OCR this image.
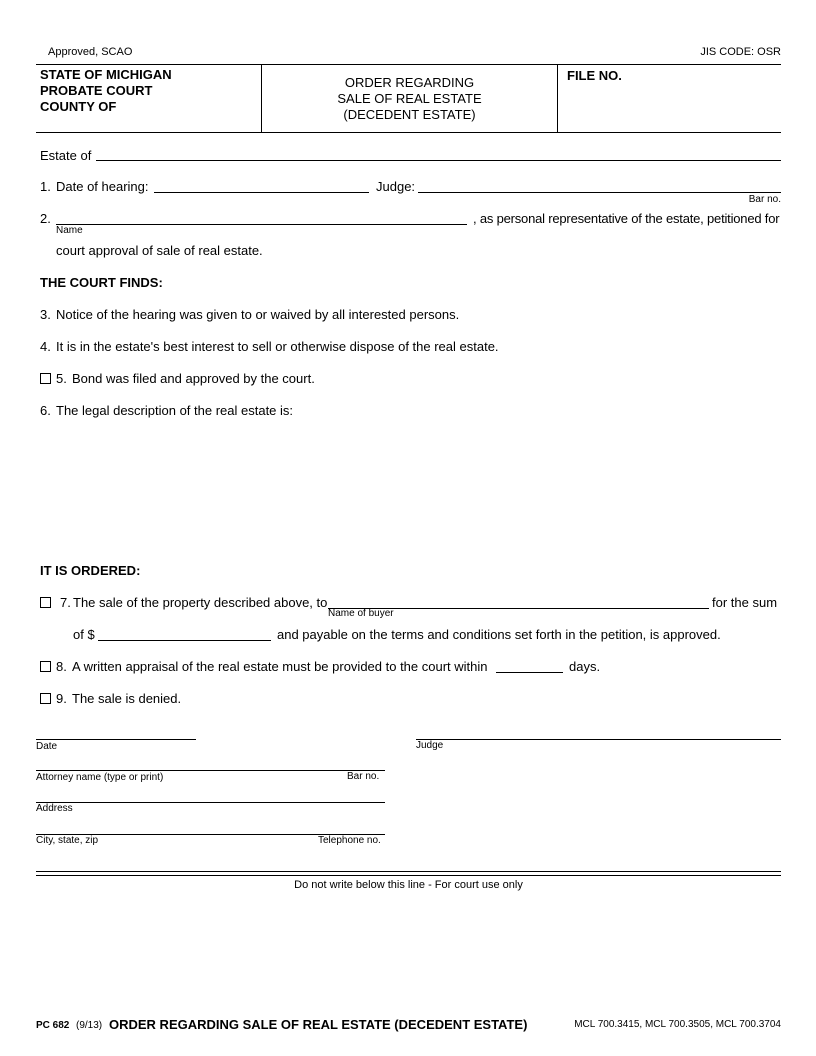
Approved, SCAO	JIS CODE: OSR
STATE OF MICHIGAN
PROBATE COURT
COUNTY OF
ORDER REGARDING
SALE OF REAL ESTATE
(DECEDENT ESTATE)
FILE NO.
Estate of
1. Date of hearing:	Judge:
Bar no.
2.	, as personal representative of the estate, petitioned for
Name
court approval of sale of real estate.
THE COURT FINDS:
3. Notice of the hearing was given to or waived by all interested persons.
4. It is in the estate's best interest to sell or otherwise dispose of the real estate.
5. Bond was filed and approved by the court.
6. The legal description of the real estate is:
IT IS ORDERED:
7. The sale of the property described above, to	for the sum
Name of buyer
of $	and payable on the terms and conditions set forth in the petition, is approved.
8. A written appraisal of the real estate must be provided to the court within	days.
9. The sale is denied.
Date	Judge
Attorney name (type or print)	Bar no.
Address
City, state, zip	Telephone no.
Do not write below this line - For court use only
PC 682 (9/13) ORDER REGARDING SALE OF REAL ESTATE (DECEDENT ESTATE)	MCL 700.3415, MCL 700.3505, MCL 700.3704
